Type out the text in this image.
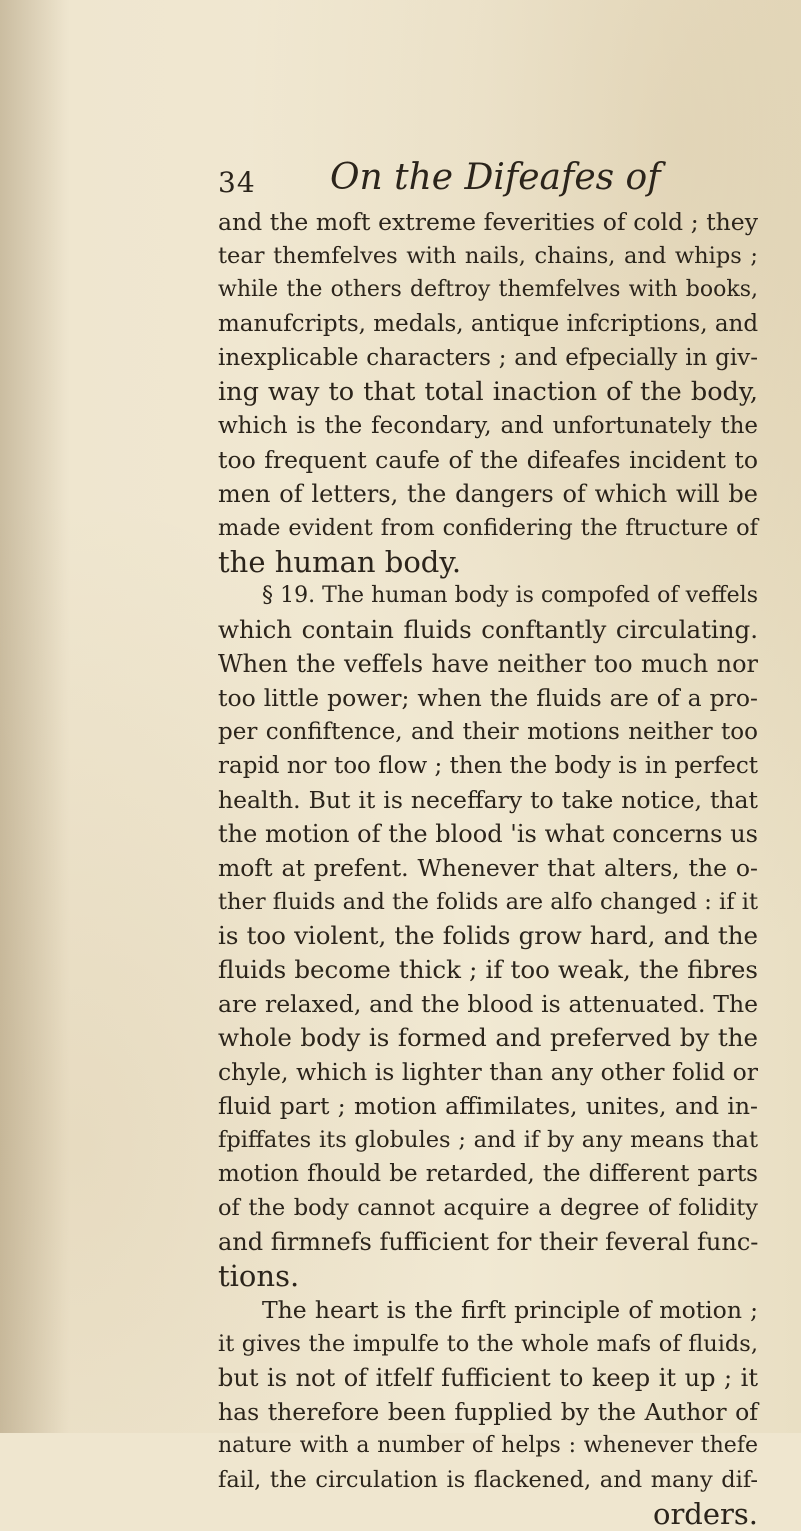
34 On the Difeafes of
and the moft extreme feverities of cold ; they
tear themfelves with nails, chains, and whips ;
while the others deftroy themfelves with books,
manufcripts, medals, antique infcriptions, and
inexplicable characters ; and efpecially in giv-
ing way to that total inaction of the body,
which is the fecondary, and unfortunately the
too frequent caufe of the difeafes incident to
men of letters, the dangers of which will be
made evident from confidering the ftructure of
the human body.
§ 19. The human body is compofed of veffels
which contain fluids conftantly circulating.
When the veffels have neither too much nor
too little power; when the fluids are of a pro-
per confiftence, and their motions neither too
rapid nor too flow ; then the body is in perfect
health. But it is neceffary to take notice, that
the motion of the blood 'is what concerns us
moft at prefent. Whenever that alters, the o-
ther fluids and the folids are alfo changed : if it
is too violent, the folids grow hard, and the
fluids become thick ; if too weak, the fibres
are relaxed, and the blood is attenuated. The
whole body is formed and preferved by the
chyle, which is lighter than any other folid or
fluid part ; motion affimilates, unites, and in-
fpiffates its globules ; and if by any means that
motion fhould be retarded, the different parts
of the body cannot acquire a degree of folidity
and firmnefs fufficient for their feveral func-
tions.
The heart is the firft principle of motion ;
it gives the impulfe to the whole mafs of fluids,
but is not of itfelf fufficient to keep it up ; it
has therefore been fupplied by the Author of
nature with a number of helps : whenever thefe
fail, the circulation is flackened, and many dif-
orders.
